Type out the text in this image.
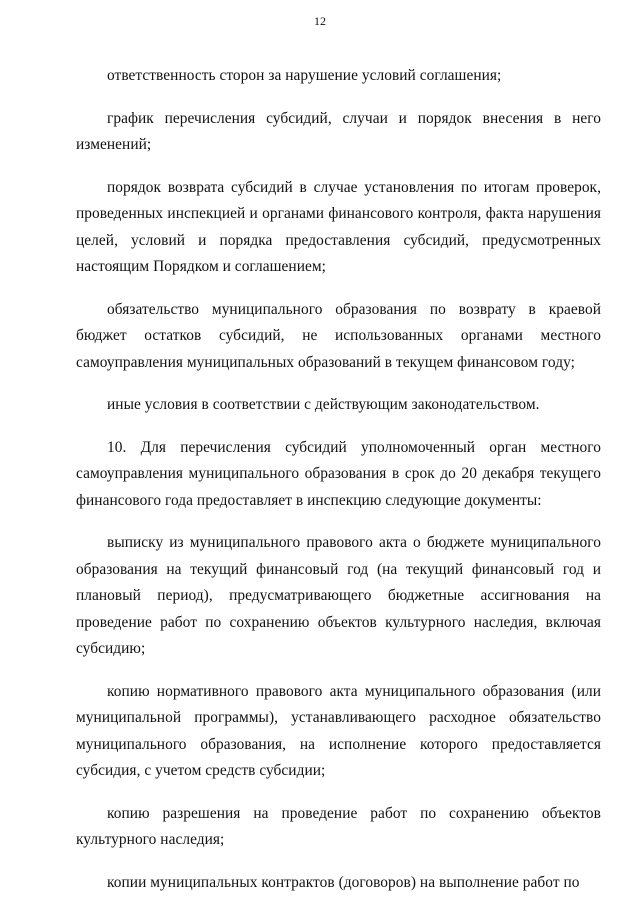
12

ответственность сторон за нарушение условий соглашения;

график перечисления субсидий, случаи и порядок внесения в него изменений;

порядок возврата субсидий в случае установления по итогам проверок, проведенных инспекцией и органами финансового контроля, факта нарушения целей, условий и порядка предоставления субсидий, предусмотренных настоящим Порядком и соглашением;

обязательство муниципального образования по возврату в краевой бюджет остатков субсидий, не использованных органами местного самоуправления муниципальных образований в текущем финансовом году;

иные условия в соответствии с действующим законодательством.

10. Для перечисления субсидий уполномоченный орган местного самоуправления муниципального образования в срок до 20 декабря текущего финансового года предоставляет в инспекцию следующие документы:

выписку из муниципального правового акта о бюджете муниципального образования на текущий финансовый год (на текущий финансовый год и плановый период), предусматривающего бюджетные ассигнования на проведение работ по сохранению объектов культурного наследия, включая субсидию;

копию нормативного правового акта муниципального образования (или муниципальной программы), устанавливающего расходное обязательство муниципального образования, на исполнение которого предоставляется субсидия, с учетом средств субсидии;

копию разрешения на проведение работ по сохранению объектов культурного наследия;

копии муниципальных контрактов (договоров) на выполнение работ по
